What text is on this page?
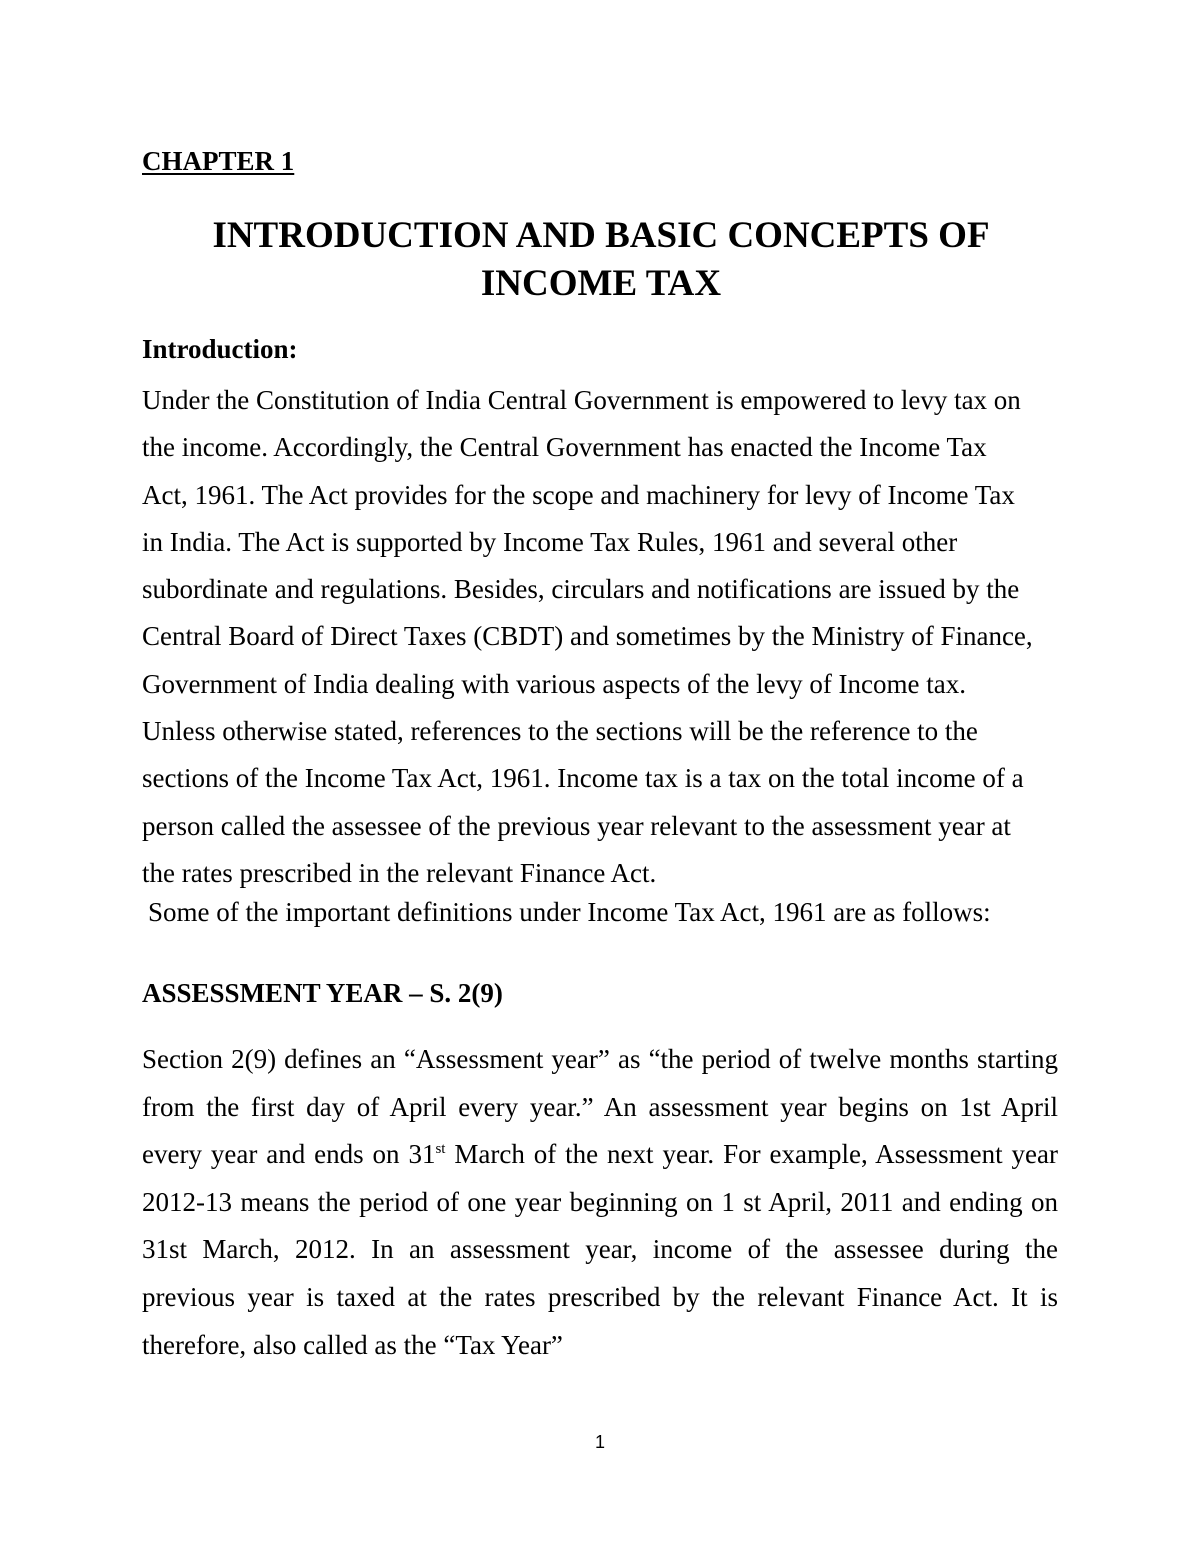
CHAPTER 1
INTRODUCTION AND BASIC CONCEPTS OF INCOME TAX
Introduction:

Under the Constitution of India Central Government is empowered to levy tax on
the income. Accordingly, the Central Government has enacted the Income Tax
Act, 1961. The Act provides for the scope and machinery for levy of Income Tax
in India. The Act is supported by Income Tax Rules, 1961 and several other
subordinate and regulations. Besides, circulars and notifications are issued by the
Central Board of Direct Taxes (CBDT) and sometimes by the Ministry of Finance,
Government of India dealing with various aspects of the levy of Income tax.
Unless otherwise stated, references to the sections will be the reference to the
sections of the Income Tax Act, 1961. Income tax is a tax on the total income of a
person called the assessee of the previous year relevant to the assessment year at
the rates prescribed in the relevant Finance Act.

Some of the important definitions under Income Tax Act, 1961 are as follows:

ASSESSMENT YEAR – S. 2(9)

Section 2(9) defines an “Assessment year” as “the period of twelve months starting
from the first day of April every year.” An assessment year begins on 1st April
every year and ends on 31st March of the next year. For example, Assessment year
2012-13 means the period of one year beginning on 1 st April, 2011 and ending on
31st March, 2012. In an assessment year, income of the assessee during the
previous year is taxed at the rates prescribed by the relevant Finance Act. It is
therefore, also called as the “Tax Year”

1
